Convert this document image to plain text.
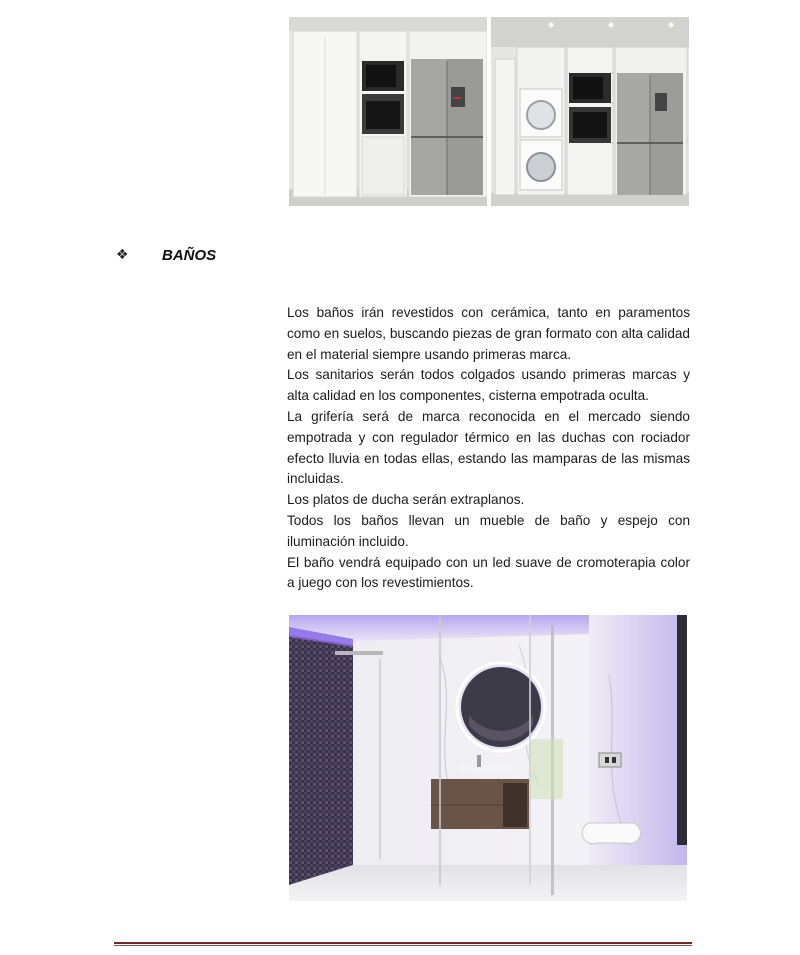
❖	BAÑOS

Los baños irán revestidos con cerámica, tanto en paramentos como en suelos, buscando piezas de gran formato con alta calidad en el material siempre usando primeras marca.

Los sanitarios serán todos colgados usando primeras marcas y alta calidad en los componentes, cisterna empotrada oculta.

La grifería será de marca reconocida en el mercado siendo empotrada y con regulador térmico en las duchas con rociador efecto lluvia en todas ellas, estando las mamparas de las mismas incluidas.

Los platos de ducha serán extraplanos.

Todos los baños llevan un mueble de baño y espejo con iluminación incluido.

El baño vendrá equipado con un led suave de cromoterapia color a juego con los revestimientos.
